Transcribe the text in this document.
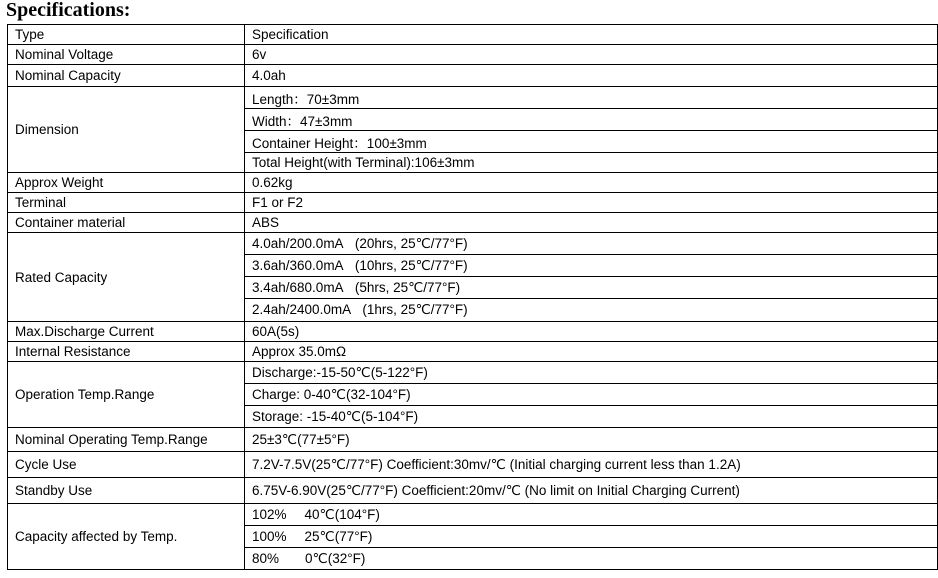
Specifications:
Type	Specification
Nominal Voltage	6v
Nominal Capacity	4.0ah
Dimension	Length：70±3mm
	Width：47±3mm
	Container Height：100±3mm
	Total Height(with Terminal):106±3mm
Approx Weight	0.62kg
Terminal	F1 or F2
Container material	ABS
Rated Capacity	4.0ah/200.0mA   (20hrs, 25℃/77°F)
	3.6ah/360.0mA   (10hrs, 25℃/77°F)
	3.4ah/680.0mA   (5hrs, 25℃/77°F)
	2.4ah/2400.0mA   (1hrs, 25℃/77°F)
Max.Discharge Current	60A(5s)
Internal Resistance	Approx 35.0mΩ
Operation Temp.Range	Discharge:-15-50℃(5-122°F)
	Charge: 0-40℃(32-104°F)
	Storage: -15-40℃(5-104°F)
Nominal Operating Temp.Range	25±3℃(77±5°F)
Cycle Use	7.2V-7.5V(25℃/77°F) Coefficient:30mv/℃ (Initial charging current less than 1.2A)
Standby Use	6.75V-6.90V(25℃/77°F) Coefficient:20mv/℃ (No limit on Initial Charging Current)
Capacity affected by Temp.	102% 40℃(104°F)
	100% 25℃(77°F)
	80% 0℃(32°F)
